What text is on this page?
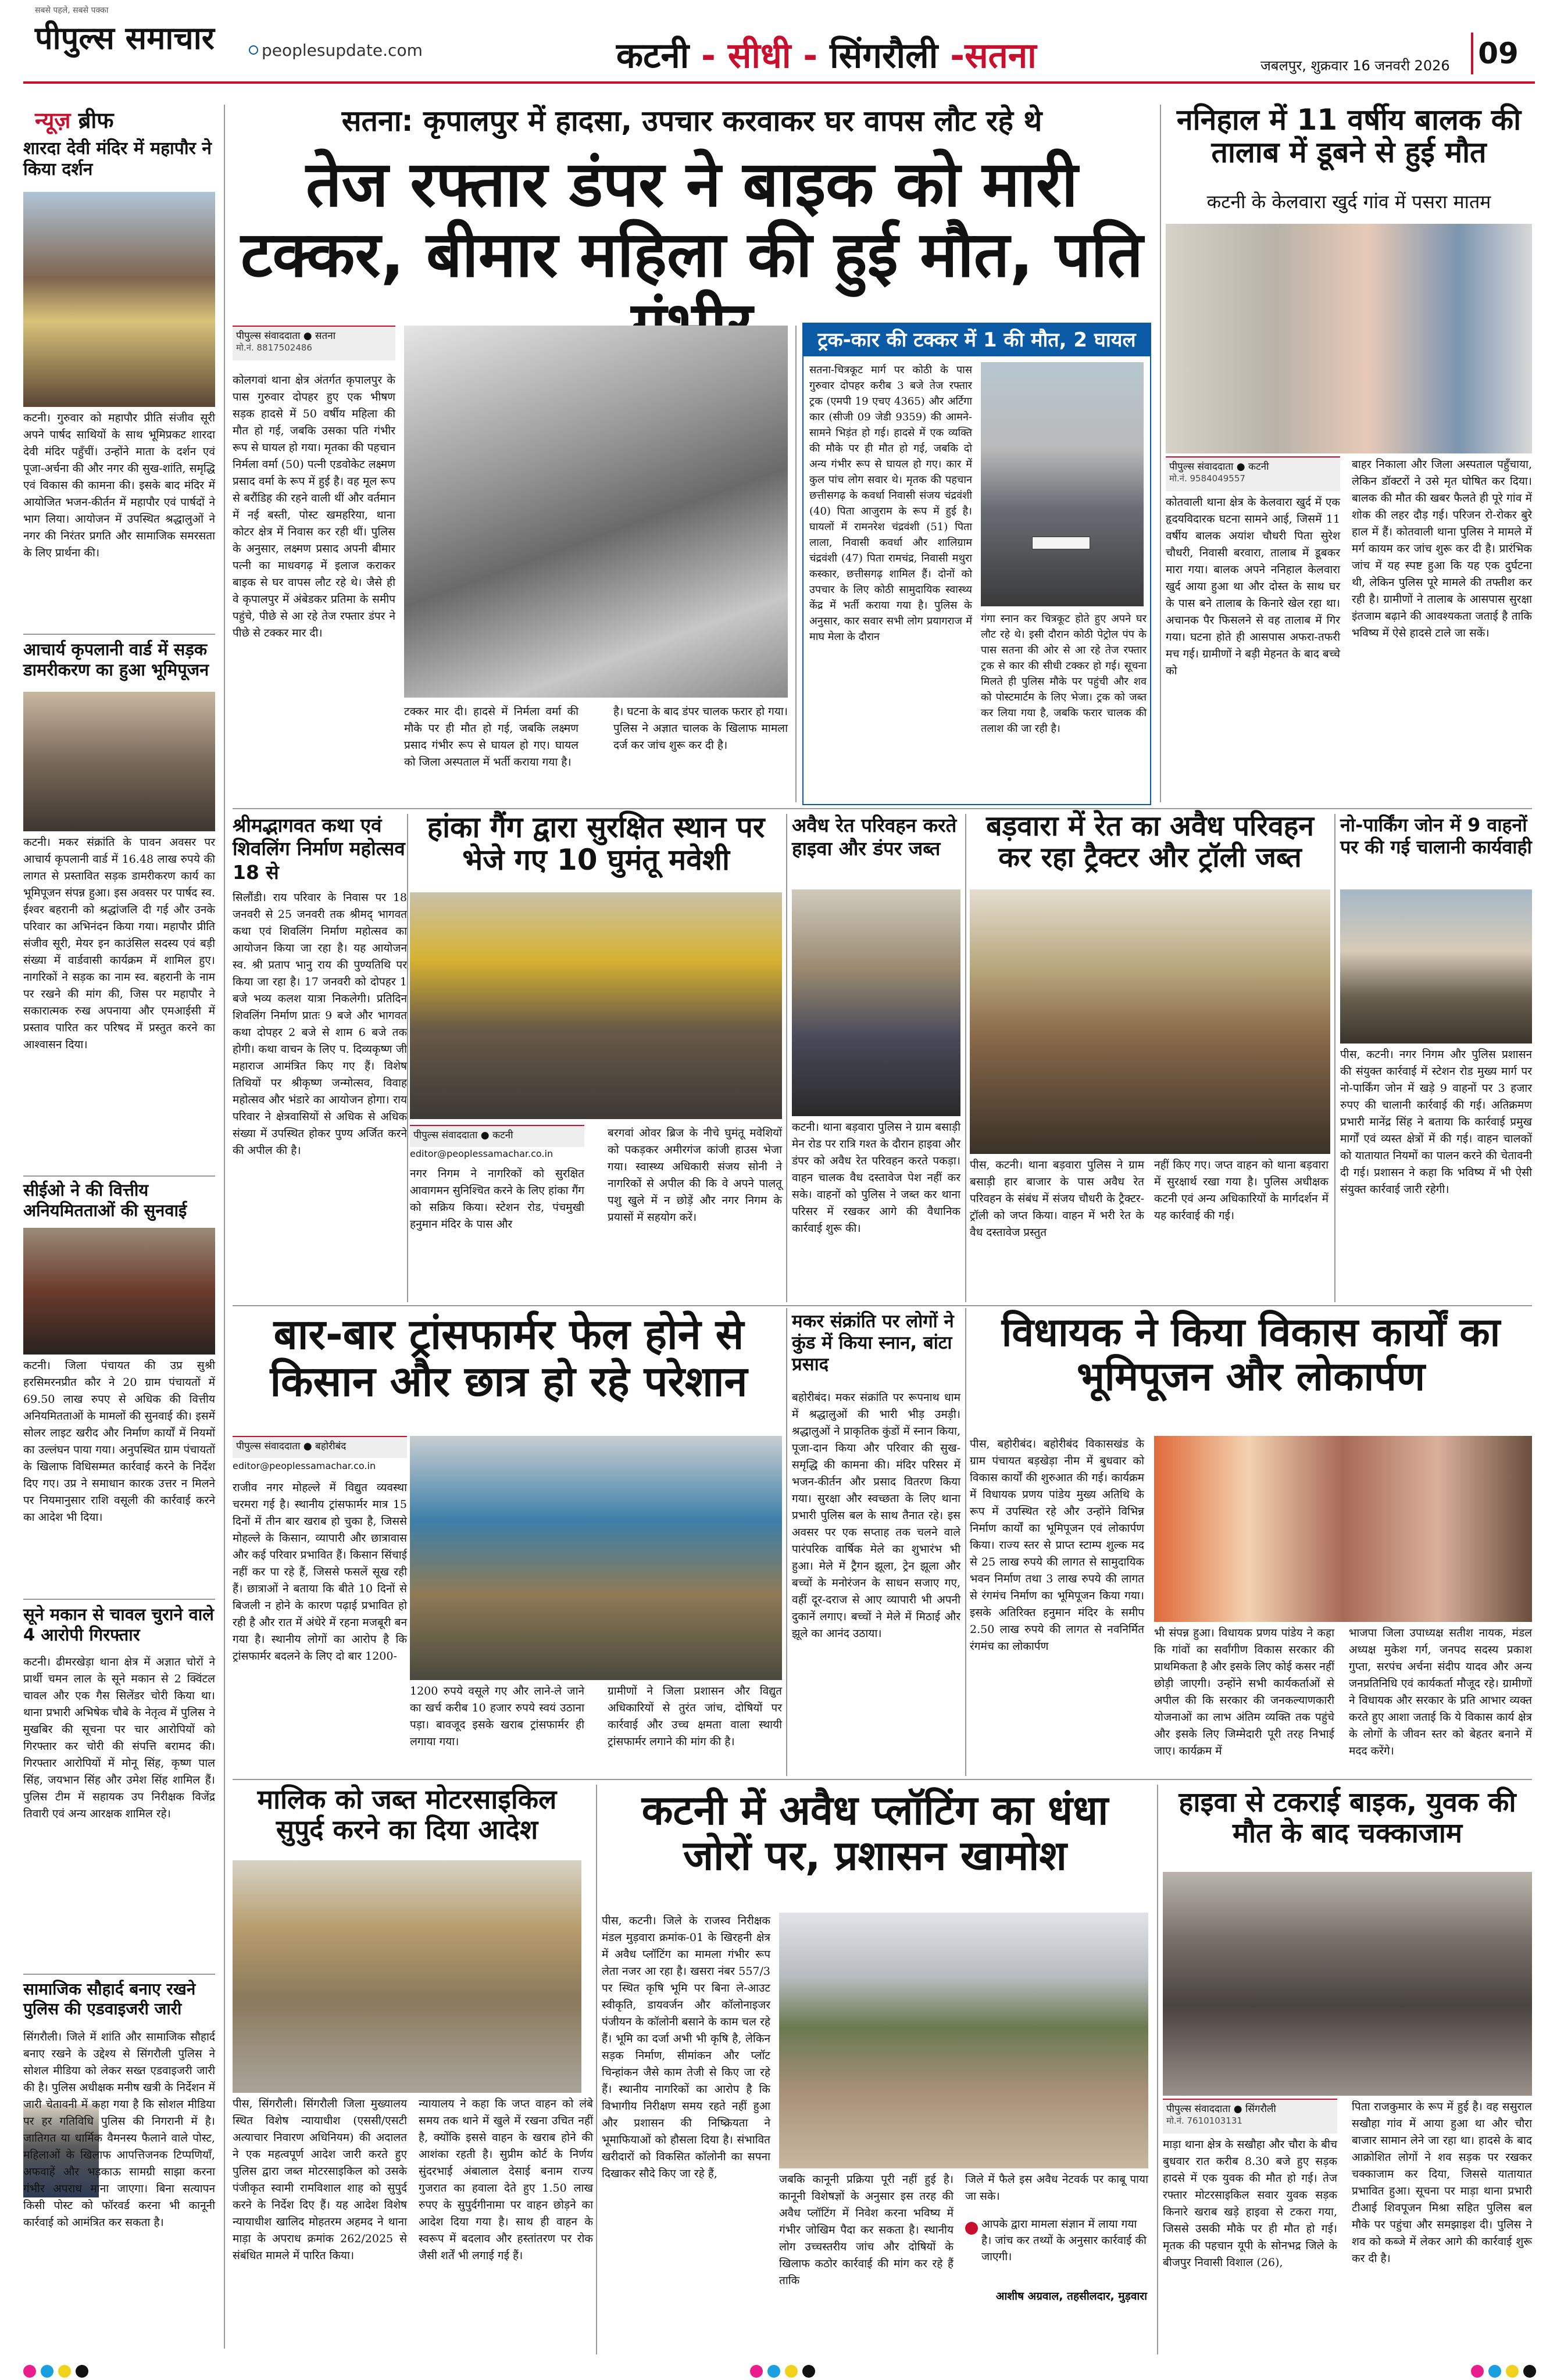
सबसे पहले, सबसे पक्का
पीपुल्स समाचार	peoplesupdate.com	कटनी - सीधी - सिंगरौली -सतना	जबलपुर, शुक्रवार 16 जनवरी 2026 09
न्यूज़ ब्रीफ
शारदा देवी मंदिर में महापौर ने किया दर्शन
कटनी। गुरुवार को महापौर प्रीति संजीव सूरी अपने पार्षद साथियों के साथ भूमिप्रकट शारदा देवी मंदिर पहुँचीं। उन्होंने माता के दर्शन एवं पूजा-अर्चना की और नगर की सुख-शांति, समृद्धि एवं विकास की कामना की। इसके बाद मंदिर में आयोजित भजन-कीर्तन में महापौर एवं पार्षदों ने भाग लिया। आयोजन में उपस्थित श्रद्धालुओं ने नगर की निरंतर प्रगति और सामाजिक समरसता के लिए प्रार्थना की।
आचार्य कृपलानी वार्ड में सड़क डामरीकरण का हुआ भूमिपूजन
कटनी। मकर संक्रांति के पावन अवसर पर आचार्य कृपलानी वार्ड में 16.48 लाख रुपये की लागत से प्रस्तावित सड़क डामरीकरण कार्य का भूमिपूजन संपन्न हुआ। इस अवसर पर पार्षद स्व. ईश्वर बहरानी को श्रद्धांजलि दी गई और उनके परिवार का अभिनंदन किया गया। महापौर प्रीति संजीव सूरी, मेयर इन काउंसिल सदस्य एवं बड़ी संख्या में वार्डवासी कार्यक्रम में शामिल हुए। नागरिकों ने सड़क का नाम स्व. बहरानी के नाम पर रखने की मांग की, जिस पर महापौर ने सकारात्मक रुख अपनाया और एमआईसी में प्रस्ताव पारित कर परिषद में प्रस्तुत करने का आश्वासन दिया।
सीईओ ने की वित्तीय अनियमितताओं की सुनवाई
कटनी। जिला पंचायत की उप्र सुश्री हरसिमरनप्रीत कौर ने 20 ग्राम पंचायतों में 69.50 लाख रुपए से अधिक की वित्तीय अनियमितताओं के मामलों की सुनवाई की। इसमें सोलर लाइट खरीद और निर्माण कार्यों में नियमों का उल्लंघन पाया गया। अनुपस्थित ग्राम पंचायतों के खिलाफ विधिसम्मत कार्रवाई करने के निर्देश दिए गए। उप्र ने समाधान कारक उत्तर न मिलने पर नियमानुसार राशि वसूली की कार्रवाई करने का आदेश भी दिया।
सूने मकान से चावल चुराने वाले 4 आरोपी गिरफ्तार
कटनी। ढीमरखेड़ा थाना क्षेत्र में अज्ञात चोरों ने प्रार्थी चमन लाल के सूने मकान से 2 क्विंटल चावल और एक गैस सिलेंडर चोरी किया था। थाना प्रभारी अभिषेक चौबे के नेतृत्व में पुलिस ने मुखबिर की सूचना पर चार आरोपियों को गिरफ्तार कर चोरी की संपत्ति बरामद की। गिरफ्तार आरोपियों में मोनू सिंह, कृष्ण पाल सिंह, जयभान सिंह और उमेश सिंह शामिल हैं। पुलिस टीम में सहायक उप निरीक्षक विजेंद्र तिवारी एवं अन्य आरक्षक शामिल रहे।
सामाजिक सौहार्द बनाए रखने पुलिस की एडवाइजरी जारी
सिंगरौली। जिले में शांति और सामाजिक सौहार्द बनाए रखने के उद्देश्य से सिंगरौली पुलिस ने सोशल मीडिया को लेकर सख्त एडवाइजरी जारी की है। पुलिस अधीक्षक मनीष खत्री के निर्देशन में जारी चेतावनी में कहा गया है कि सोशल मीडिया पर हर गतिविधि पुलिस की निगरानी में है। जातिगत या धार्मिक वैमनस्य फैलाने वाले पोस्ट, महिलाओं के खिलाफ आपत्तिजनक टिप्पणियाँ, अफवाहें और भड़काऊ सामग्री साझा करना गंभीर अपराध माना जाएगा। बिना सत्यापन किसी पोस्ट को फॉरवर्ड करना भी कानूनी कार्रवाई को आमंत्रित कर सकता है।
सतना: कृपालपुर में हादसा, उपचार करवाकर घर वापस लौट रहे थे
तेज रफ्तार डंपर ने बाइक को मारी टक्कर, बीमार महिला की हुई मौत, पति
पीपुल्स संवाददाता ● सतना
मो.नं. 8817502486
कोलगवां थाना क्षेत्र अंतर्गत कृपालपुर के पास गुरुवार दोपहर हुए एक भीषण सड़क हादसे में 50 वर्षीय महिला की मौत हो गई, जबकि उसका पति गंभीर रूप से घायल हो गया। मृतका की पहचान निर्मला वर्मा (50) पत्नी एडवोकेट लक्ष्मण प्रसाद वर्मा के रूप में हुई है। वह मूल रूप से बरौंडिह की रहने वाली थीं और वर्तमान में नई बस्ती, पोस्ट खमहरिया, थाना कोटर क्षेत्र में निवास कर रही थीं। पुलिस के अनुसार, लक्ष्मण प्रसाद अपनी बीमार पत्नी का माधवगढ़ में इलाज कराकर बाइक से घर वापस लौट रहे थे। जैसे ही वे कृपालपुर में अंबेडकर प्रतिमा के समीप पहुंचे, पीछे से आ रहे तेज रफ्तार डंपर ने पीछे से टक्कर मार दी।
टक्कर मार दी। हादसे में निर्मला वर्मा की मौके पर ही मौत हो गई, जबकि लक्ष्मण प्रसाद गंभीर रूप से घायल हो गए। घायल को जिला अस्पताल में भर्ती कराया गया है।
है। घटना के बाद डंपर चालक फरार हो गया। पुलिस ने अज्ञात चालक के खिलाफ मामला दर्ज कर जांच शुरू कर दी है।
ट्रक-कार की टक्कर में 1 की मौत, 2 घायल
सतना-चित्रकूट मार्ग पर कोठी के पास गुरुवार दोपहर करीब 3 बजे तेज रफ्तार ट्रक (एमपी 19 एचए 4365) और अर्टिगा कार (सीजी 09 जेडी 9359) की आमने-सामने भिड़ंत हो गई। हादसे में एक व्यक्ति की मौके पर ही मौत हो गई, जबकि दो अन्य गंभीर रूप से घायल हो गए। कार में कुल पांच लोग सवार थे। मृतक की पहचान छत्तीसगढ़ के कवर्धा निवासी संजय चंद्रवंशी (40) पिता आजुराम के रूप में हुई है। घायलों में रामनरेश चंद्रवंशी (51) पिता लाला, निवासी कवर्धा और शालिग्राम चंद्रवंशी (47) पिता रामचंद्र, निवासी मथुरा कस्कार, छत्तीसगढ़ शामिल हैं। दोनों को उपचार के लिए कोठी सामुदायिक स्वास्थ्य केंद्र में भर्ती कराया गया है। पुलिस के अनुसार, कार सवार सभी लोग प्रयागराज में माघ मेला के दौरान
गंगा स्नान कर चित्रकूट होते हुए अपने घर लौट रहे थे। इसी दौरान कोठी पेट्रोल पंप के पास सतना की ओर से आ रहे तेज रफ्तार ट्रक से कार की सीधी टक्कर हो गई। सूचना मिलते ही पुलिस मौके पर पहुंची और शव को पोस्टमार्टम के लिए भेजा। ट्रक को जब्त कर लिया गया है, जबकि फरार चालक की तलाश की जा रही है।
ननिहाल में 11 वर्षीय बालक की तालाब में डूबने से हुई मौत
कटनी के केलवारा खुर्द गांव में पसरा मातम
पीपुल्स संवाददाता ● कटनी
मो.नं. 9584049557
कोतवाली थाना क्षेत्र के केलवारा खुर्द में एक हृदयविदारक घटना सामने आई, जिसमें 11 वर्षीय बालक अयांश चौधरी पिता सुरेश चौधरी, निवासी बरवारा, तालाब में डूबकर मारा गया। बालक अपने ननिहाल केलवारा खुर्द आया हुआ था और दोस्त के साथ घर के पास बने तालाब के किनारे खेल रहा था। अचानक पैर फिसलने से वह तालाब में गिर गया। घटना होते ही आसपास अफरा-तफरी मच गई। ग्रामीणों ने बड़ी मेहनत के बाद बच्चे को
बाहर निकाला और जिला अस्पताल पहुँचाया, लेकिन डॉक्टरों ने उसे मृत घोषित कर दिया। बालक की मौत की खबर फैलते ही पूरे गांव में शोक की लहर दौड़ गई। परिजन रो-रोकर बुरे हाल में हैं। कोतवाली थाना पुलिस ने मामले में मर्ग कायम कर जांच शुरू कर दी है। प्रारंभिक जांच में यह स्पष्ट हुआ कि यह एक दुर्घटना थी, लेकिन पुलिस पूरे मामले की तफ्तीश कर रही है। ग्रामीणों ने तालाब के आसपास सुरक्षा इंतजाम बढ़ाने की आवश्यकता जताई है ताकि भविष्य में ऐसे हादसे टाले जा सकें।
श्रीमद्भागवत कथा एवं शिवलिंग निर्माण महोत्सव 18 से
सिलौंडी। राय परिवार के निवास पर 18 जनवरी से 25 जनवरी तक श्रीमद् भागवत कथा एवं शिवलिंग निर्माण महोत्सव का आयोजन किया जा रहा है। यह आयोजन स्व. श्री प्रताप भानु राय की पुण्यतिथि पर किया जा रहा है। 17 जनवरी को दोपहर 1 बजे भव्य कलश यात्रा निकलेगी। प्रतिदिन शिवलिंग निर्माण प्रातः 9 बजे और भागवत कथा दोपहर 2 बजे से शाम 6 बजे तक होगी। कथा वाचन के लिए प. दिव्यकृष्ण जी महाराज आमंत्रित किए गए हैं। विशेष तिथियों पर श्रीकृष्ण जन्मोत्सव, विवाह महोत्सव और भंडारे का आयोजन होगा। राय परिवार ने क्षेत्रवासियों से अधिक से अधिक संख्या में उपस्थित होकर पुण्य अर्जित करने की अपील की है।
हांका गैंग द्वारा सुरक्षित स्थान पर भेजे गए 10 घुमंतू मवेशी
पीपुल्स संवाददाता ● कटनी
editor@peoplessamachar.co.in
नगर निगम ने नागरिकों को सुरक्षित आवागमन सुनिश्चित करने के लिए हांका गैंग को सक्रिय किया। स्टेशन रोड, पंचमुखी हनुमान मंदिर के पास और
बरगवां ओवर ब्रिज के नीचे घुमंतू मवेशियों को पकड़कर अमीरगंज कांजी हाउस भेजा गया। स्वास्थ्य अधिकारी संजय सोनी ने नागरिकों से अपील की कि वे अपने पालतू पशु खुले में न छोड़ें और नगर निगम के प्रयासों में सहयोग करें।
अवैध रेत परिवहन करते हाइवा और डंपर जब्त
कटनी। थाना बड़वारा पुलिस ने ग्राम बसाड़ी मेन रोड पर रात्रि गश्त के दौरान हाइवा और डंपर को अवैध रेत परिवहन करते पकड़ा। वाहन चालक वैध दस्तावेज पेश नहीं कर सके। वाहनों को पुलिस ने जब्त कर थाना परिसर में रखकर आगे की वैधानिक कार्रवाई शुरू की।
बड़वारा में रेत का अवैध परिवहन कर रहा ट्रैक्टर और ट्रॉली जब्त
पीस, कटनी। थाना बड़वारा पुलिस ने ग्राम बसाड़ी हार बाजार के पास अवैध रेत परिवहन के संबंध में संजय चौधरी के ट्रैक्टर-ट्रॉली को जप्त किया। वाहन में भरी रेत के वैध दस्तावेज प्रस्तुत
नहीं किए गए। जप्त वाहन को थाना बड़वारा में सुरक्षार्थ रखा गया है। पुलिस अधीक्षक कटनी एवं अन्य अधिकारियों के मार्गदर्शन में यह कार्रवाई की गई।
नो-पार्किंग जोन में 9 वाहनों पर की गई चालानी कार्यवाही
पीस, कटनी। नगर निगम और पुलिस प्रशासन की संयुक्त कार्रवाई में स्टेशन रोड मुख्य मार्ग पर नो-पार्किंग जोन में खड़े 9 वाहनों पर 3 हजार रुपए की चालानी कार्रवाई की गई। अतिक्रमण प्रभारी मानेंद्र सिंह ने बताया कि कार्रवाई प्रमुख मार्गों एवं व्यस्त क्षेत्रों में की गई। वाहन चालकों को यातायात नियमों का पालन करने की चेतावनी दी गई। प्रशासन ने कहा कि भविष्य में भी ऐसी संयुक्त कार्रवाई जारी रहेगी।
बार-बार ट्रांसफार्मर फेल होने से किसान और छात्र हो रहे परेशान
पीपुल्स संवाददाता ● बहोरीबंद
editor@peoplessamachar.co.in
राजीव नगर मोहल्ले में विद्युत व्यवस्था चरमरा गई है। स्थानीय ट्रांसफार्मर मात्र 15 दिनों में तीन बार खराब हो चुका है, जिससे मोहल्ले के किसान, व्यापारी और छात्रावास और कई परिवार प्रभावित हैं। किसान सिंचाई नहीं कर पा रहे हैं, जिससे फसलें सूख रही हैं। छात्राओं ने बताया कि बीते 10 दिनों से बिजली न होने के कारण पढ़ाई प्रभावित हो रही है और रात में अंधेरे में रहना मजबूरी बन गया है। स्थानीय लोगों का आरोप है कि ट्रांसफार्मर बदलने के लिए दो बार 1200-
1200 रुपये वसूले गए और लाने-ले जाने का खर्च करीब 10 हजार रुपये स्वयं उठाना पड़ा। बावजूद इसके खराब ट्रांसफार्मर ही लगाया गया।
ग्रामीणों ने जिला प्रशासन और विद्युत अधिकारियों से तुरंत जांच, दोषियों पर कार्रवाई और उच्च क्षमता वाला स्थायी ट्रांसफार्मर लगाने की मांग की है।
मकर संक्रांति पर लोगों ने कुंड में किया स्नान, बांटा प्रसाद
बहोरीबंद। मकर संक्रांति पर रूपनाथ धाम में श्रद्धालुओं की भारी भीड़ उमड़ी। श्रद्धालुओं ने प्राकृतिक कुंडों में स्नान किया, पूजा-दान किया और परिवार की सुख-समृद्धि की कामना की। मंदिर परिसर में भजन-कीर्तन और प्रसाद वितरण किया गया। सुरक्षा और स्वच्छता के लिए थाना प्रभारी पुलिस बल के साथ तैनात रहे। इस अवसर पर एक सप्ताह तक चलने वाले पारंपरिक वार्षिक मेले का शुभारंभ भी हुआ। मेले में ट्रैगन झूला, ट्रेन झूला और बच्चों के मनोरंजन के साधन सजाए गए, वहीं दूर-दराज से आए व्यापारी भी अपनी दुकानें लगाए। बच्चों ने मेले में मिठाई और झूले का आनंद उठाया।
विधायक ने किया विकास कार्यों का भूमिपूजन और लोकार्पण
पीस, बहोरीबंद। बहोरीबंद विकासखंड के ग्राम पंचायत बड़खेड़ा नीम में बुधवार को विकास कार्यों की शुरुआत की गई। कार्यक्रम में विधायक प्रणय पांडेय मुख्य अतिथि के रूप में उपस्थित रहे और उन्होंने विभिन्न निर्माण कार्यों का भूमिपूजन एवं लोकार्पण किया। राज्य स्तर से प्राप्त स्टाम्प शुल्क मद से 25 लाख रुपये की लागत से सामुदायिक भवन निर्माण तथा 3 लाख रुपये की लागत से रंगमंच निर्माण का भूमिपूजन किया गया। इसके अतिरिक्त हनुमान मंदिर के समीप 2.50 लाख रुपये की लागत से नवनिर्मित रंगमंच का लोकार्पण
भी संपन्न हुआ। विधायक प्रणय पांडेय ने कहा कि गांवों का सर्वांगीण विकास सरकार की प्राथमिकता है और इसके लिए कोई कसर नहीं छोड़ी जाएगी। उन्होंने सभी कार्यकर्ताओं से अपील की कि सरकार की जनकल्याणकारी योजनाओं का लाभ अंतिम व्यक्ति तक पहुंचे और इसके लिए जिम्मेदारी पूरी तरह निभाई जाए। कार्यक्रम में
भाजपा जिला उपाध्यक्ष सतीश नायक, मंडल अध्यक्ष मुकेश गर्ग, जनपद सदस्य प्रकाश गुप्ता, सरपंच अर्चना संदीप यादव और अन्य जनप्रतिनिधि एवं कार्यकर्ता मौजूद रहे। ग्रामीणों ने विधायक और सरकार के प्रति आभार व्यक्त करते हुए आशा जताई कि ये विकास कार्य क्षेत्र के लोगों के जीवन स्तर को बेहतर बनाने में मदद करेंगे।
मालिक को जब्त मोटरसाइकिल सुपुर्द करने का दिया आदेश
पीस, सिंगरौली। सिंगरौली जिला मुख्यालय स्थित विशेष न्यायाधीश (एससी/एसटी अत्याचार निवारण अधिनियम) की अदालत ने एक महत्वपूर्ण आदेश जारी करते हुए पुलिस द्वारा जब्त मोटरसाइकिल को उसके पंजीकृत स्वामी रामविशाल शाह को सुपुर्द करने के निर्देश दिए हैं। यह आदेश विशेष न्यायाधीश खालिद मोहतरम अहमद ने थाना माड़ा के अपराध क्रमांक 262/2025 से संबंधित मामले में पारित किया।
न्यायालय ने कहा कि जप्त वाहन को लंबे समय तक थाने में खुले में रखना उचित नहीं है, क्योंकि इससे वाहन के खराब होने की आशंका रहती है। सुप्रीम कोर्ट के निर्णय सुंदरभाई अंबालाल देसाई बनाम राज्य गुजरात का हवाला देते हुए 1.50 लाख रुपए के सुपुर्दगीनामा पर वाहन छोड़ने का आदेश दिया गया है। साथ ही वाहन के स्वरूप में बदलाव और हस्तांतरण पर रोक जैसी शर्तें भी लगाई गई हैं।
कटनी में अवैध प्लॉटिंग का धंधा जोरों पर, प्रशासन खामोश
पीस, कटनी। जिले के राजस्व निरीक्षक मंडल मुड़वारा क्रमांक-01 के खिरहनी क्षेत्र में अवैध प्लॉटिंग का मामला गंभीर रूप लेता नजर आ रहा है। खसरा नंबर 557/3 पर स्थित कृषि भूमि पर बिना ले-आउट स्वीकृति, डायवर्जन और कॉलोनाइजर पंजीयन के कॉलोनी बसाने के काम चल रहे हैं। भूमि का दर्जा अभी भी कृषि है, लेकिन सड़क निर्माण, सीमांकन और प्लॉट चिन्हांकन जैसे काम तेजी से किए जा रहे हैं। स्थानीय नागरिकों का आरोप है कि विभागीय निरीक्षण समय रहते नहीं हुआ और प्रशासन की निष्क्रियता ने भूमाफियाओं को हौसला दिया है। संभावित खरीदारों को विकसित कॉलोनी का सपना दिखाकर सौदे किए जा रहे हैं,	जबकि कानूनी प्रक्रिया पूरी नहीं हुई है। कानूनी विशेषज्ञों के अनुसार इस तरह की अवैध प्लॉटिंग में निवेश करना भविष्य में गंभीर जोखिम पैदा कर सकता है। स्थानीय लोग उच्चस्तरीय जांच और दोषियों के खिलाफ कठोर कार्रवाई की मांग कर रहे हैं ताकि
जिले में फैले इस अवैध नेटवर्क पर काबू पाया जा सके।
आपके द्वारा मामला संज्ञान में लाया गया है। जांच कर तथ्यों के अनुसार कार्रवाई की जाएगी।
आशीष अग्रवाल, तहसीलदार, मुड़वारा
हाइवा से टकराई बाइक, युवक की मौत के बाद चक्काजाम
पीपुल्स संवाददाता ● सिंगरौली
मो.नं. 7610103131
माड़ा थाना क्षेत्र के सखौहा और चौरा के बीच बुधवार रात करीब 8.30 बजे हुए सड़क हादसे में एक युवक की मौत हो गई। तेज रफ्तार मोटरसाइकिल सवार युवक सड़क किनारे खराब खड़े हाइवा से टकरा गया, जिससे उसकी मौके पर ही मौत हो गई। मृतक की पहचान यूपी के सोनभद्र जिले के बीजपुर निवासी विशाल (26),
पिता राजकुमार के रूप में हुई है। वह ससुराल सखौहा गांव में आया हुआ था और चौरा बाजार सामान लेने जा रहा था। हादसे के बाद आक्रोशित लोगों ने शव सड़क पर रखकर चक्काजाम कर दिया, जिससे यातायात प्रभावित हुआ। सूचना पर माड़ा थाना प्रभारी टीआई शिवपूजन मिश्रा सहित पुलिस बल मौके पर पहुंचा और समझाइश दी। पुलिस ने शव को कब्जे में लेकर आगे की कार्रवाई शुरू कर दी है।
